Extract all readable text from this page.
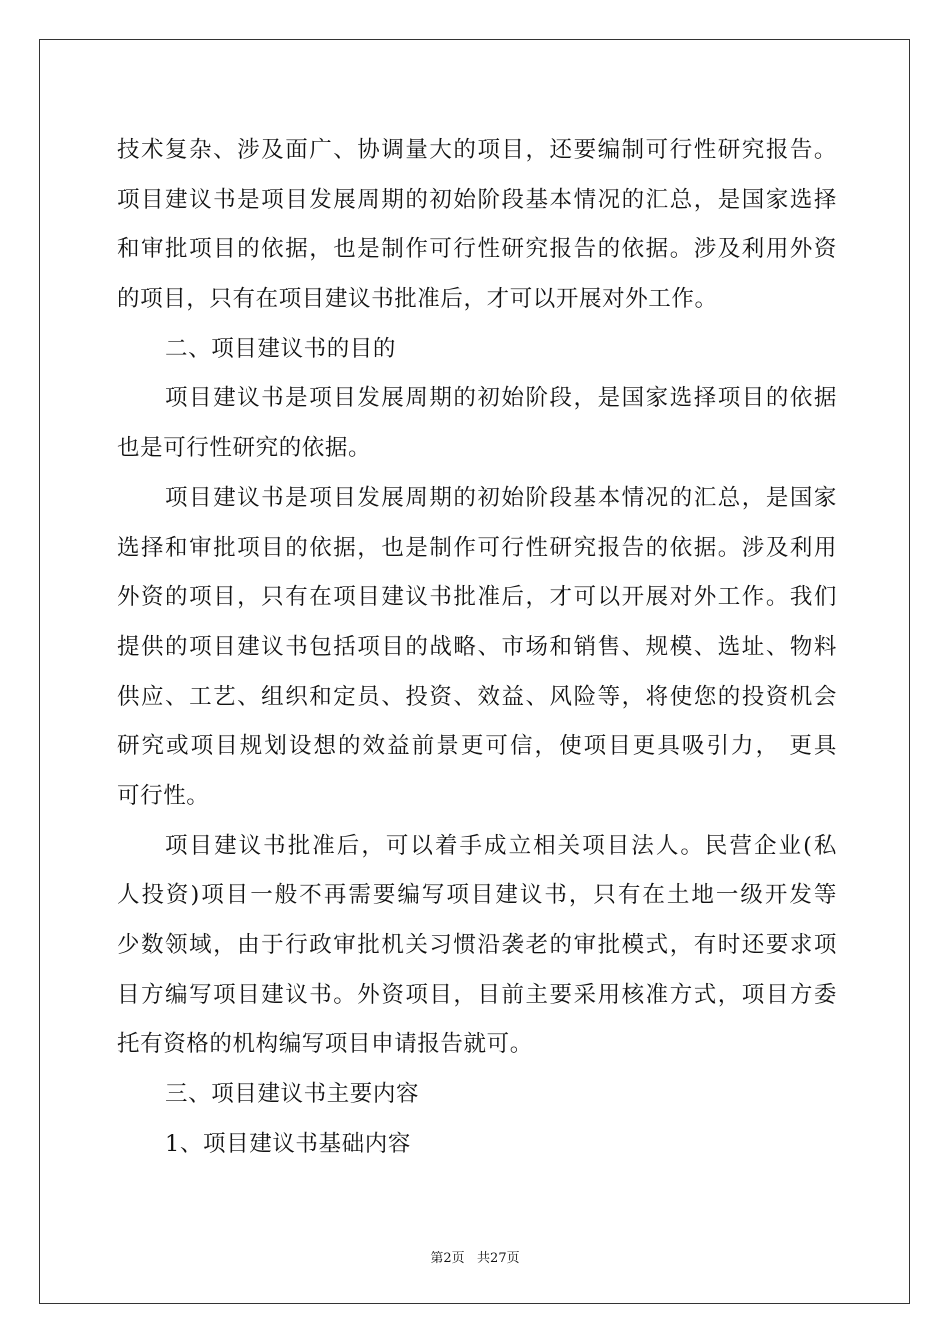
技术复杂、涉及面广、协调量大的项目，还要编制可行性研究报告。
项目建议书是项目发展周期的初始阶段基本情况的汇总，是国家选择
和审批项目的依据，也是制作可行性研究报告的依据。涉及利用外资
的项目，只有在项目建议书批准后，才可以开展对外工作。
二、项目建议书的目的
项目建议书是项目发展周期的初始阶段，是国家选择项目的依据
也是可行性研究的依据。
项目建议书是项目发展周期的初始阶段基本情况的汇总，是国家
选择和审批项目的依据，也是制作可行性研究报告的依据。涉及利用
外资的项目，只有在项目建议书批准后，才可以开展对外工作。我们
提供的项目建议书包括项目的战略、市场和销售、规模、选址、物料
供应、工艺、组织和定员、投资、效益、风险等，将使您的投资机会
研究或项目规划设想的效益前景更可信，使项目更具吸引力， 更具
可行性。
项目建议书批准后，可以着手成立相关项目法人。民营企业(私
人投资)项目一般不再需要编写项目建议书，只有在土地一级开发等
少数领域，由于行政审批机关习惯沿袭老的审批模式，有时还要求项
目方编写项目建议书。外资项目，目前主要采用核准方式，项目方委
托有资格的机构编写项目申请报告就可。
三、项目建议书主要内容
1、项目建议书基础内容
第2页   共27页
